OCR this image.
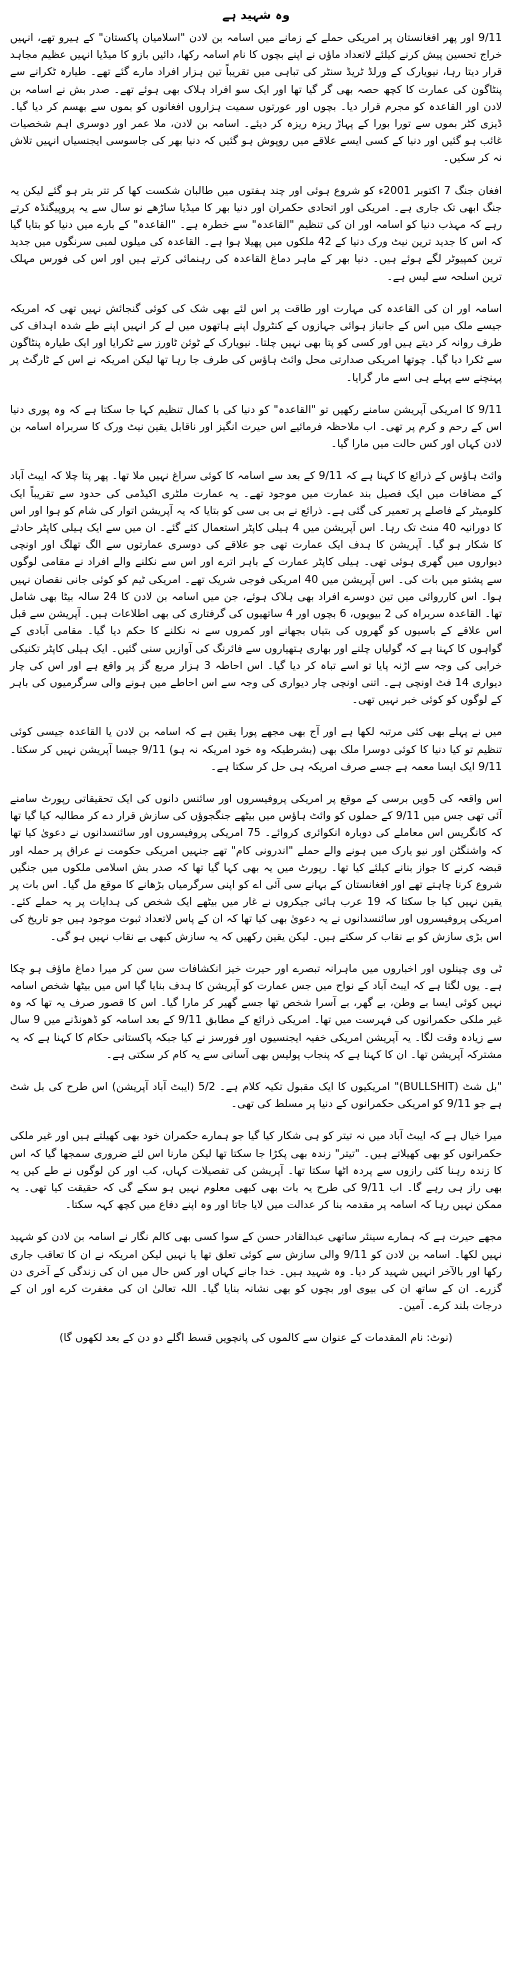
وہ شہید ہے

9/11 اور پھر افغانستان پر امریکی حملے کے زمانے میں اسامہ بن لادن "اسلامیان پاکستان" کے ہیرو تھے، انہیں خراج تحسین پیش کرنے کیلئے لاتعداد ماؤں نے اپنے بچوں کا نام اسامہ رکھا، دائیں بازو کا میڈیا انہیں عظیم مجاہد قرار دیتا رہا، نیویارک کے ورلڈ ٹریڈ سنٹر کی تباہی میں تقریباً تین ہزار افراد مارے گئے تھے۔ طیارہ ٹکرانے سے پنٹاگون کی عمارت کا کچھ حصہ بھی گر گیا تھا اور ایک سو افراد ہلاک بھی ہوئے تھے۔ صدر بش نے اسامہ بن لادن اور القاعدہ کو مجرم قرار دیا۔ بچوں اور عورتوں سمیت ہزاروں افغانوں کو بموں سے بھسم کر دیا گیا۔ ڈیزی کٹر بموں سے تورا بورا کے پہاڑ ریزہ ریزہ کر دیئے۔ اسامہ بن لادن، ملا عمر اور دوسری اہم شخصیات غائب ہو گئیں اور دنیا کے کسی ایسے علاقے میں روپوش ہو گئیں کہ دنیا بھر کی جاسوسی ایجنسیاں انہیں تلاش نہ کر سکیں۔

افغان جنگ 7 اکتوبر 2001ء کو شروع ہوئی اور چند ہفتوں میں طالبان شکست کھا کر تتر بتر ہو گئے لیکن یہ جنگ ابھی تک جاری ہے۔ امریکی اور اتحادی حکمران اور دنیا بھر کا میڈیا ساڑھے نو سال سے یہ پروپیگنڈہ کرتے رہے کہ مہذب دنیا کو اسامہ اور ان کی تنظیم "القاعدہ" سے خطرہ ہے۔ "القاعدہ" کے بارے میں دنیا کو بتایا گیا کہ اس کا جدید ترین نیٹ ورک دنیا کے 42 ملکوں میں پھیلا ہوا ہے۔ القاعدہ کی میلوں لمبی سرنگوں میں جدید ترین کمپیوٹر لگے ہوئے ہیں۔ دنیا بھر کے ماہر دماغ القاعدہ کی رہنمائی کرتے ہیں اور اس کی فورس مہلک ترین اسلحہ سے لیس ہے۔

اسامہ اور ان کی القاعدہ کی مہارت اور طاقت پر اس لئے بھی شک کی کوئی گنجائش نہیں تھی کہ امریکہ جیسے ملک میں اس کے جانباز ہوائی جہازوں کے کنٹرول اپنے ہاتھوں میں لے کر انہیں اپنے طے شدہ اہداف کی طرف روانہ کر دیتے ہیں اور کسی کو پتا بھی نہیں چلتا۔ نیویارک کے ٹوئن ٹاورز سے ٹکرایا اور ایک طیارہ پنٹاگون سے ٹکرا دیا گیا۔ چوتھا امریکی صدارتی محل وائٹ ہاؤس کی طرف جا رہا تھا لیکن امریکہ نے اس کے ٹارگٹ پر پہنچنے سے پہلے ہی اسے مار گرایا۔

9/11 کا امریکی آپریشن سامنے رکھیں تو "القاعدہ" کو دنیا کی با کمال تنظیم کہا جا سکتا ہے کہ وہ پوری دنیا اس کے رحم و کرم پر تھی۔ اب ملاحظہ فرمائیے اس حیرت انگیز اور ناقابل یقین نیٹ ورک کا سربراہ اسامہ بن لادن کہاں اور کس حالت میں مارا گیا۔

وائٹ ہاؤس کے ذرائع کا کہنا ہے کہ 9/11 کے بعد سے اسامہ کا کوئی سراغ نہیں ملا تھا۔ پھر پتا چلا کہ ایبٹ آباد کے مضافات میں ایک فصیل بند عمارت میں موجود تھے۔ یہ عمارت ملٹری اکیڈمی کی حدود سے تقریباً ایک کلومیٹر کے فاصلے پر تعمیر کی گئی ہے۔ ذرائع نے بی بی سی کو بتایا کہ یہ آپریشن اتوار کی شام کو ہوا اور اس کا دورانیہ 40 منٹ تک رہا۔ اس آپریشن میں 4 ہیلی کاپٹر استعمال کئے گئے۔ ان میں سے ایک ہیلی کاپٹر حادثے کا شکار ہو گیا۔ آپریشن کا ہدف ایک عمارت تھی جو علاقے کی دوسری عمارتوں سے الگ تھلگ اور اونچی دیواروں میں گھری ہوئی تھی۔ ہیلی کاپٹر عمارت کے باہر اترے اور اس سے نکلنے والے افراد نے مقامی لوگوں سے پشتو میں بات کی۔ اس آپریشن میں 40 امریکی فوجی شریک تھے۔ امریکی ٹیم کو کوئی جانی نقصان نہیں ہوا۔ اس کارروائی میں تین دوسرے افراد بھی ہلاک ہوئے، جن میں اسامہ بن لادن کا 24 سالہ بیٹا بھی شامل تھا۔ القاعدہ سربراہ کی 2 بیویوں، 6 بچوں اور 4 ساتھیوں کی گرفتاری کی بھی اطلاعات ہیں۔ آپریشن سے قبل اس علاقے کے باسیوں کو گھروں کی بتیاں بجھانے اور کمروں سے نہ نکلنے کا حکم دیا گیا۔ مقامی آبادی کے گواہوں کا کہنا ہے کہ گولیاں چلنے اور بھاری ہتھیاروں سے فائرنگ کی آوازیں سنی گئیں۔ ایک ہیلی کاپٹر تکنیکی خرابی کی وجہ سے اڑنہ پایا تو اسے تباہ کر دیا گیا۔ اس احاطہ 3 ہزار مربع گز پر واقع ہے اور اس کی چار دیواری 14 فٹ اونچی ہے۔ اتنی اونچی چار دیواری کی وجہ سے اس احاطے میں ہونے والی سرگرمیوں کی باہر کے لوگوں کو کوئی خبر نہیں تھی۔

میں نے پہلے بھی کئی مرتبہ لکھا ہے اور آج بھی مجھے پورا یقین ہے کہ اسامہ بن لادن یا القاعدہ جیسی کوئی تنظیم تو کیا دنیا کا کوئی دوسرا ملک بھی (بشرطیکہ وہ خود امریکہ نہ ہو) 9/11 جیسا آپریشن نہیں کر سکتا۔ 9/11 ایک ایسا معمہ ہے جسے صرف امریکہ ہی حل کر سکتا ہے۔

اس واقعہ کی 5ویں برسی کے موقع پر امریکی پروفیسروں اور سائنس دانوں کی ایک تحقیقاتی رپورٹ سامنے آئی تھی جس میں 9/11 کے حملوں کو وائٹ ہاؤس میں بیٹھے جنگجوؤں کی سازش قرار دے کر مطالبہ کیا گیا تھا کہ کانگریس اس معاملے کی دوبارہ انکوائری کروائے۔ 75 امریکی پروفیسروں اور سائنسدانوں نے دعویٰ کیا تھا کہ واشنگٹن اور نیو یارک میں ہونے والے حملے "اندرونی کام" تھے جنہیں امریکی حکومت نے عراق پر حملہ اور قبضہ کرنے کا جواز بنانے کیلئے کیا تھا۔ رپورٹ میں یہ بھی کہا گیا تھا کہ صدر بش اسلامی ملکوں میں جنگیں شروع کرنا چاہتے تھے اور افغانستان کے بہانے سی آئی اے کو اپنی سرگرمیاں بڑھانے کا موقع مل گیا۔ اس بات پر یقین نہیں کیا جا سکتا کہ 19 عرب ہائی جیکروں نے غار میں بیٹھے ایک شخص کی ہدایات پر یہ حملے کئے۔ امریکی پروفیسروں اور سائنسدانوں نے یہ دعویٰ بھی کیا تھا کہ ان کے پاس لاتعداد ثبوت موجود ہیں جو تاریخ کی اس بڑی سازش کو بے نقاب کر سکتے ہیں۔ لیکن یقین رکھیں کہ یہ سازش کبھی بے نقاب نہیں ہو گی۔

ٹی وی چینلوں اور اخباروں میں ماہرانہ تبصرے اور حیرت خیز انکشافات سن سن کر میرا دماغ ماؤف ہو چکا ہے۔ یوں لگتا ہے کہ ایبٹ آباد کے نواح میں جس عمارت کو آپریشن کا ہدف بنایا گیا اس میں بیٹھا شخص اسامہ نہیں کوئی ایسا بے وطن، بے گھر، بے آسرا شخص تھا جسے گھیر کر مارا گیا۔ اس کا قصور صرف یہ تھا کہ وہ غیر ملکی حکمرانوں کی فہرست میں تھا۔ امریکی ذرائع کے مطابق 9/11 کے بعد اسامہ کو ڈھونڈنے میں 9 سال سے زیادہ وقت لگا۔ یہ آپریشن امریکی خفیہ ایجنسیوں اور فورسز نے کیا جبکہ پاکستانی حکام کا کہنا ہے کہ یہ مشترکہ آپریشن تھا۔ ان کا کہنا ہے کہ پنجاب پولیس بھی آسانی سے یہ کام کر سکتی ہے۔

"بل شٹ (BULLSHIT)" امریکیوں کا ایک مقبول تکیہ کلام ہے۔ 5/2 (ایبٹ آباد آپریشن) اس طرح کی بل شٹ ہے جو 9/11 کو امریکی حکمرانوں کے دنیا پر مسلط کی تھی۔

میرا خیال ہے کہ ایبٹ آباد میں نہ تیتر کو ہی شکار کیا گیا جو ہمارے حکمران خود بھی کھیلتے ہیں اور غیر ملکی حکمرانوں کو بھی کھیلاتے ہیں۔ "تیتر" زندہ بھی پکڑا جا سکتا تھا لیکن مارنا اس لئے ضروری سمجھا گیا کہ اس کا زندہ رہنا کئی رازوں سے پردہ اٹھا سکتا تھا۔ آپریشن کی تفصیلات کہاں، کب اور کن لوگوں نے طے کیں یہ بھی راز ہی رہے گا۔ اب 9/11 کی طرح یہ بات بھی کبھی معلوم نہیں ہو سکے گی کہ حقیقت کیا تھی۔ یہ ممکن نہیں رہا کہ اسامہ پر مقدمہ بنا کر عدالت میں لایا جاتا اور وہ اپنے دفاع میں کچھ کہہ سکتا۔

مجھے حیرت ہے کہ ہمارے سینئر ساتھی عبدالقادر حسن کے سوا کسی بھی کالم نگار نے اسامہ بن لادن کو شہید نہیں لکھا۔ اسامہ بن لادن کو 9/11 والی سازش سے کوئی تعلق تھا یا نہیں لیکن امریکہ نے ان کا تعاقب جاری رکھا اور بالآخر انہیں شہید کر دیا۔ وہ شہید ہیں۔ خدا جانے کہاں اور کس حال میں ان کی زندگی کے آخری دن گزرے۔ ان کے ساتھ ان کی بیوی اور بچوں کو بھی نشانہ بنایا گیا۔ اللہ تعالیٰ ان کی مغفرت کرے اور ان کے درجات بلند کرے۔ آمین۔

(نوٹ: نام المقدمات کے عنوان سے کالموں کی پانچویں قسط اگلے دو دن کے بعد لکھوں گا)
